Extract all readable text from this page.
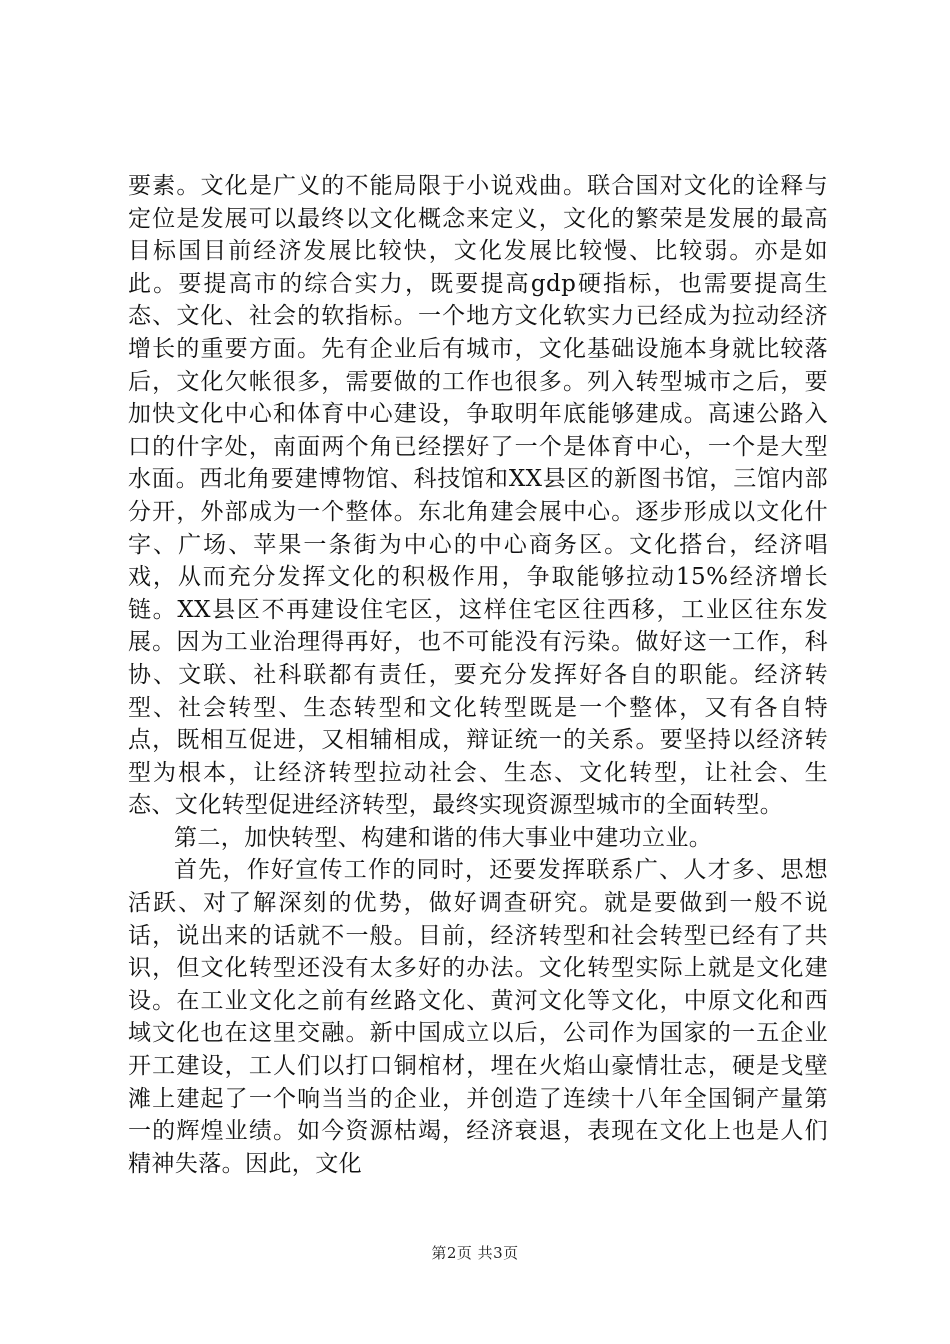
要素。文化是广义的不能局限于小说戏曲。联合国对文化的诠释与定位是发展可以最终以文化概念来定义，文化的繁荣是发展的最高目标国目前经济发展比较快，文化发展比较慢、比较弱。亦是如此。要提高市的综合实力，既要提高gdp硬指标，也需要提高生态、文化、社会的软指标。一个地方文化软实力已经成为拉动经济增长的重要方面。先有企业后有城市，文化基础设施本身就比较落后，文化欠帐很多，需要做的工作也很多。列入转型城市之后，要加快文化中心和体育中心建设，争取明年底能够建成。高速公路入口的什字处，南面两个角已经摆好了一个是体育中心，一个是大型水面。西北角要建博物馆、科技馆和XX县区的新图书馆，三馆内部分开，外部成为一个整体。东北角建会展中心。逐步形成以文化什字、广场、苹果一条街为中心的中心商务区。文化搭台，经济唱戏，从而充分发挥文化的积极作用，争取能够拉动15%经济增长链。XX县区不再建设住宅区，这样住宅区往西移，工业区往东发展。因为工业治理得再好，也不可能没有污染。做好这一工作，科协、文联、社科联都有责任，要充分发挥好各自的职能。经济转型、社会转型、生态转型和文化转型既是一个整体，又有各自特点，既相互促进，又相辅相成，辩证统一的关系。要坚持以经济转型为根本，让经济转型拉动社会、生态、文化转型，让社会、生态、文化转型促进经济转型，最终实现资源型城市的全面转型。

第二，加快转型、构建和谐的伟大事业中建功立业。

首先，作好宣传工作的同时，还要发挥联系广、人才多、思想活跃、对了解深刻的优势，做好调查研究。就是要做到一般不说话，说出来的话就不一般。目前，经济转型和社会转型已经有了共识，但文化转型还没有太多好的办法。文化转型实际上就是文化建设。在工业文化之前有丝路文化、黄河文化等文化，中原文化和西域文化也在这里交融。新中国成立以后，公司作为国家的一五企业开工建设，工人们以打口铜棺材，埋在火焰山豪情壮志，硬是戈壁滩上建起了一个响当当的企业，并创造了连续十八年全国铜产量第一的辉煌业绩。如今资源枯竭，经济衰退，表现在文化上也是人们精神失落。因此，文化

第2页 共3页
